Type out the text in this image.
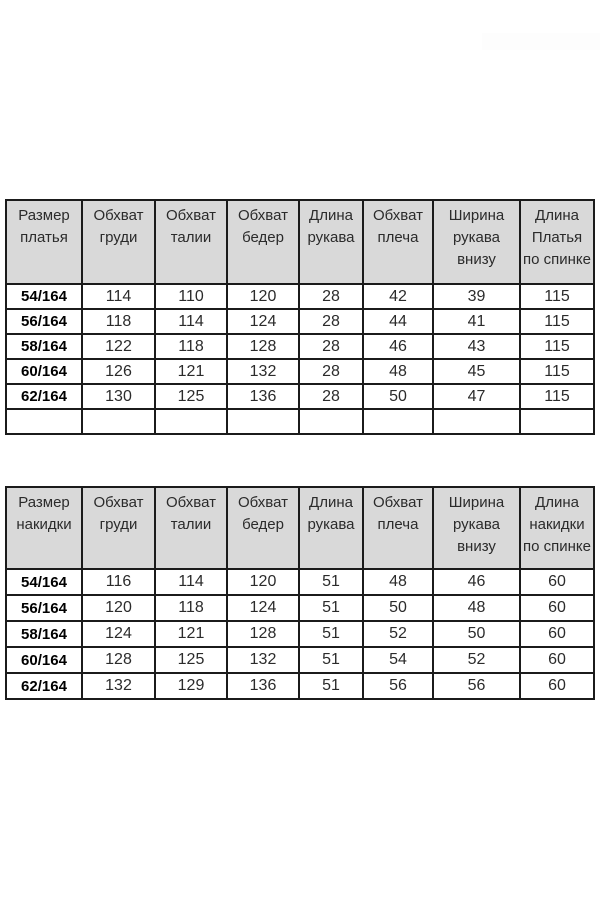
Размер платья	Обхват груди	Обхват талии	Обхват бедер	Длина рукава	Обхват плеча	Ширина рукава внизу	Длина Платья по спинке
54/164	114	110	120	28	42	39	115
56/164	118	114	124	28	44	41	115
58/164	122	118	128	28	46	43	115
60/164	126	121	132	28	48	45	115
62/164	130	125	136	28	50	47	115

Размер накидки	Обхват груди	Обхват талии	Обхват бедер	Длина рукава	Обхват плеча	Ширина рукава внизу	Длина накидки по спинке
54/164	116	114	120	51	48	46	60
56/164	120	118	124	51	50	48	60
58/164	124	121	128	51	52	50	60
60/164	128	125	132	51	54	52	60
62/164	132	129	136	51	56	56	60
